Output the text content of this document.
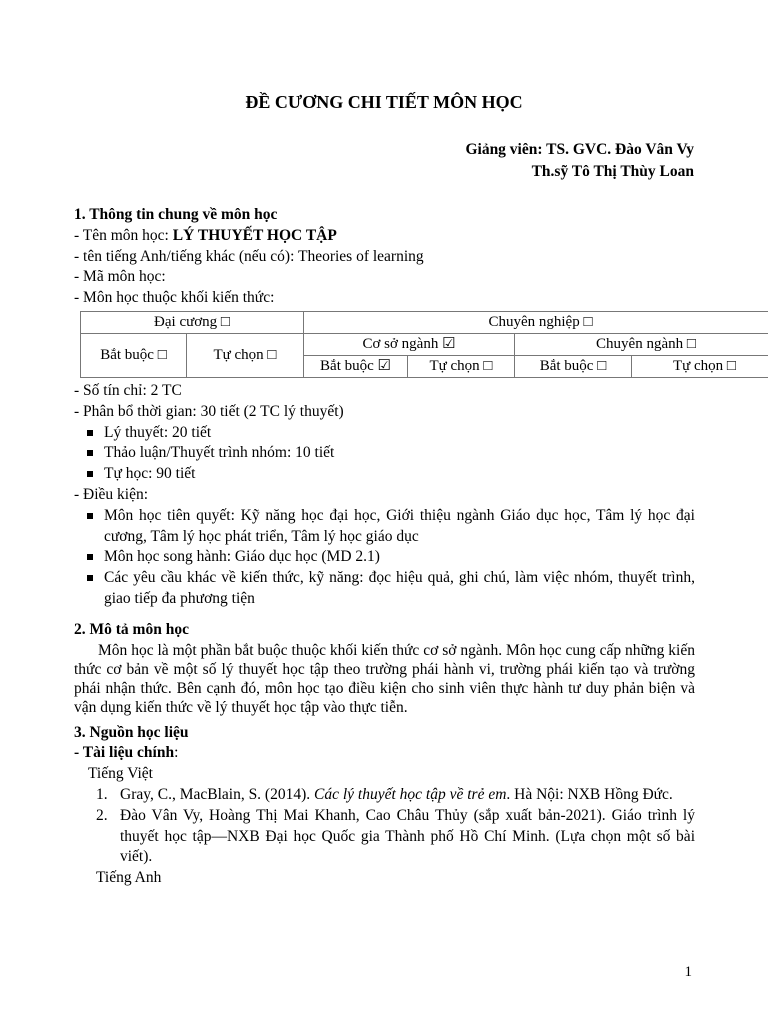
ĐỀ CƯƠNG CHI TIẾT MÔN HỌC
Giảng viên: TS. GVC. Đào Vân Vy
Th.sỹ Tô Thị Thùy Loan
1. Thông tin chung về môn học
- Tên môn học: LÝ THUYẾT HỌC TẬP
- tên tiếng Anh/tiếng khác (nếu có): Theories of learning
- Mã môn học:
- Môn học thuộc khối kiến thức:
Đại cương □		Chuyên nghiệp □			
Bắt buộc □	Tự chọn □	Cơ sở ngành ☑		Chuyên ngành □	
		Bắt buộc ☑	Tự chọn □	Bắt buộc □	Tự chọn □
- Số tín chỉ: 2 TC
- Phân bổ thời gian: 30 tiết (2 TC lý thuyết)
Lý thuyết: 20 tiết
Thảo luận/Thuyết trình nhóm: 10 tiết
Tự học: 90 tiết
- Điều kiện:
Môn học tiên quyết: Kỹ năng học đại học, Giới thiệu ngành Giáo dục học, Tâm lý học đại cương, Tâm lý học phát triển, Tâm lý học giáo dục
Môn học song hành: Giáo dục học (MD 2.1)
Các yêu cầu khác về kiến thức, kỹ năng: đọc hiệu quả, ghi chú, làm việc nhóm, thuyết trình, giao tiếp đa phương tiện
2. Mô tả môn học
Môn học là một phần bắt buộc thuộc khối kiến thức cơ sở ngành. Môn học cung cấp những kiến thức cơ bản về một số lý thuyết học tập theo trường phái hành vi, trường phái kiến tạo và trường phái nhận thức. Bên cạnh đó, môn học tạo điều kiện cho sinh viên thực hành tư duy phản biện và vận dụng kiến thức về lý thuyết học tập vào thực tiễn.
3. Nguồn học liệu
- Tài liệu chính:
Tiếng Việt
1. Gray, C., MacBlain, S. (2014). Các lý thuyết học tập về trẻ em. Hà Nội: NXB Hồng Đức.
2. Đào Vân Vy, Hoàng Thị Mai Khanh, Cao Châu Thủy (sắp xuất bản-2021). Giáo trình lý thuyết học tập—NXB Đại học Quốc gia Thành phố Hồ Chí Minh. (Lựa chọn một số bài viết).
Tiếng Anh
1
